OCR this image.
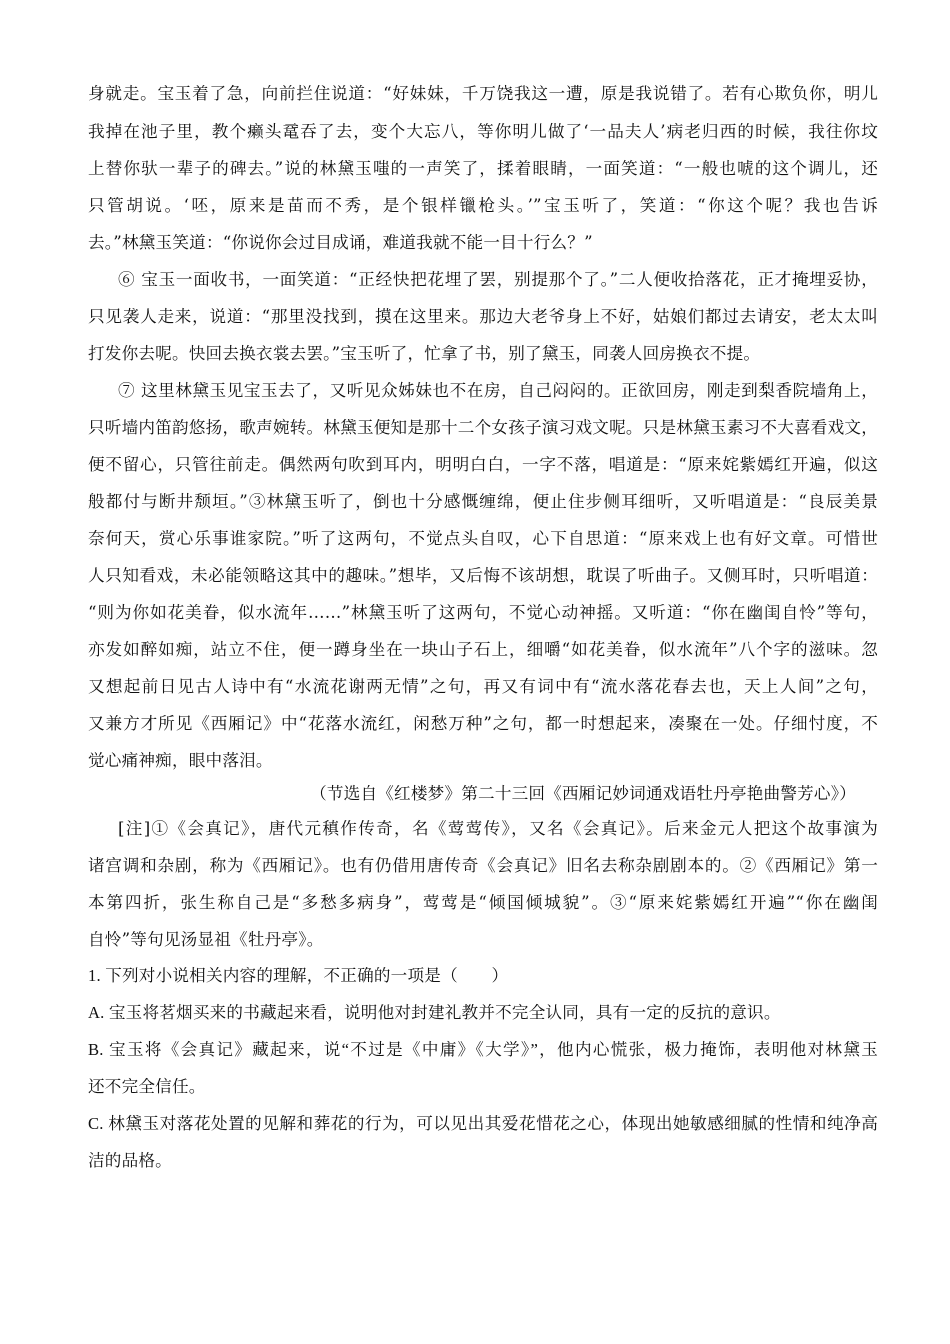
身就走。宝玉着了急，向前拦住说道：“好妹妹，千万饶我这一遭，原是我说错了。若有心欺负你，明儿
我掉在池子里，教个癞头鼋吞了去，变个大忘八，等你明儿做了‘一品夫人’病老归西的时候，我往你坟
上替你驮一辈子的碑去。”说的林黛玉嗤的一声笑了，揉着眼睛，一面笑道：“一般也唬的这个调儿，还
只管胡说。‘呸，原来是苗而不秀，是个银样镴枪头。’”宝玉听了，笑道：“你这个呢？我也告诉
去。”林黛玉笑道：“你说你会过目成诵，难道我就不能一目十行么？”
⑥ 宝玉一面收书，一面笑道：“正经快把花埋了罢，别提那个了。”二人便收拾落花，正才掩埋妥协，
只见袭人走来，说道：“那里没找到，摸在这里来。那边大老爷身上不好，姑娘们都过去请安，老太太叫
打发你去呢。快回去换衣裳去罢。”宝玉听了，忙拿了书，别了黛玉，同袭人回房换衣不提。
⑦ 这里林黛玉见宝玉去了，又听见众姊妹也不在房，自己闷闷的。正欲回房，刚走到梨香院墙角上，
只听墙内笛韵悠扬，歌声婉转。林黛玉便知是那十二个女孩子演习戏文呢。只是林黛玉素习不大喜看戏文，
便不留心，只管往前走。偶然两句吹到耳内，明明白白，一字不落，唱道是：“原来姹紫嫣红开遍，似这
般都付与断井颓垣。”③林黛玉听了，倒也十分感慨缠绵，便止住步侧耳细听，又听唱道是：“良辰美景
奈何天，赏心乐事谁家院。”听了这两句，不觉点头自叹，心下自思道：“原来戏上也有好文章。可惜世
人只知看戏，未必能领略这其中的趣味。”想毕，又后悔不该胡想，耽误了听曲子。又侧耳时，只听唱道：
“则为你如花美眷，似水流年……”林黛玉听了这两句，不觉心动神摇。又听道：“你在幽闺自怜”等句，
亦发如醉如痴，站立不住，便一蹲身坐在一块山子石上，细嚼“如花美眷，似水流年”八个字的滋味。忽
又想起前日见古人诗中有“水流花谢两无情”之句，再又有词中有“流水落花春去也，天上人间”之句，
又兼方才所见《西厢记》中“花落水流红，闲愁万种”之句，都一时想起来，凑聚在一处。仔细忖度，不
觉心痛神痴，眼中落泪。
（节选自《红楼梦》第二十三回《西厢记妙词通戏语牡丹亭艳曲警芳心》）
[注]①《会真记》，唐代元稹作传奇，名《莺莺传》，又名《会真记》。后来金元人把这个故事演为
诸宫调和杂剧，称为《西厢记》。也有仍借用唐传奇《会真记》旧名去称杂剧剧本的。②《西厢记》第一
本第四折，张生称自己是“多愁多病身”，莺莺是“倾国倾城貌”。③“原来姹紫嫣红开遍”“你在幽闺
自怜”等句见汤显祖《牡丹亭》。
1. 下列对小说相关内容的理解，不正确的一项是（　　）
A. 宝玉将茗烟买来的书藏起来看，说明他对封建礼教并不完全认同，具有一定的反抗的意识。
B. 宝玉将《会真记》藏起来，说“不过是《中庸》《大学》”，他内心慌张，极力掩饰，表明他对林黛玉
还不完全信任。
C. 林黛玉对落花处置的见解和葬花的行为，可以见出其爱花惜花之心，体现出她敏感细腻的性情和纯净高
洁的品格。
